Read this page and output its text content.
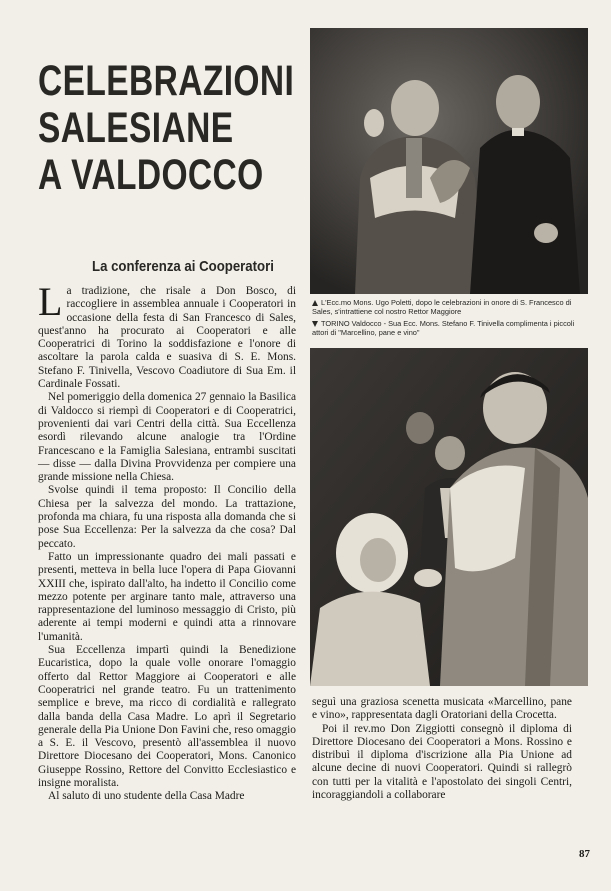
CELEBRAZIONI
SALESIANE
A VALDOCCO
La conferenza ai Cooperatori

La tradizione, che risale a Don Bosco, di raccogliere in assemblea annuale i Cooperatori in occasione della festa di San Francesco di Sales, quest'anno ha procurato ai Cooperatori e alle Cooperatrici di Torino la soddisfazione e l'onore di ascoltare la parola calda e suasiva di S. E. Mons. Stefano F. Tinivella, Vescovo Coadiutore di Sua Em. il Cardinale Fossati.

Nel pomeriggio della domenica 27 gennaio la Basilica di Valdocco si riempì di Cooperatori e di Cooperatrici, provenienti dai vari Centri della città. Sua Eccellenza esordì rilevando alcune analogie tra l'Ordine Francescano e la Famiglia Salesiana, entrambi suscitati — disse — dalla Divina Provvidenza per compiere una grande missione nella Chiesa.

Svolse quindi il tema proposto: Il Concilio della Chiesa per la salvezza del mondo. La trattazione, profonda ma chiara, fu una risposta alla domanda che si pose Sua Eccellenza: Per la salvezza da che cosa? Dal peccato.

Fatto un impressionante quadro dei mali passati e presenti, metteva in bella luce l'opera di Papa Giovanni XXIII che, ispirato dall'alto, ha indetto il Concilio come mezzo potente per arginare tanto male, attraverso una rappresentazione del luminoso messaggio di Cristo, più aderente ai tempi moderni e quindi atta a rinnovare l'umanità.

Sua Eccellenza impartì quindi la Benedizione Eucaristica, dopo la quale volle onorare l'omaggio offerto dal Rettor Maggiore ai Cooperatori e alle Cooperatrici nel grande teatro. Fu un trattenimento semplice e breve, ma ricco di cordialità e rallegrato dalla banda della Casa Madre. Lo aprì il Segretario generale della Pia Unione Don Favini che, reso omaggio a S. E. il Vescovo, presentò all'assemblea il nuovo Direttore Diocesano dei Cooperatori, Mons. Canonico Giuseppe Rossino, Rettore del Convitto Ecclesiastico e insigne moralista.

Al saluto di uno studente della Casa Madre

L'Ecc.mo Mons. Ugo Poletti, dopo le celebrazioni in onore di S. Francesco di Sales, s'intrattiene col nostro Rettor Maggiore
TORINO Valdocco - Sua Ecc. Mons. Stefano F. Tinivella complimenta i piccoli attori di "Marcellino, pane e vino"

seguì una graziosa scenetta musicata «Marcellino, pane e vino», rappresentata dagli Oratoriani della Crocetta.

Poi il rev.mo Don Ziggiotti consegnò il diploma di Direttore Diocesano dei Cooperatori a Mons. Rossino e distribuì il diploma d'iscrizione alla Pia Unione ad alcune decine di nuovi Cooperatori. Quindi si rallegrò con tutti per la vitalità e l'apostolato dei singoli Centri, incoraggiandoli a collaborare

87
